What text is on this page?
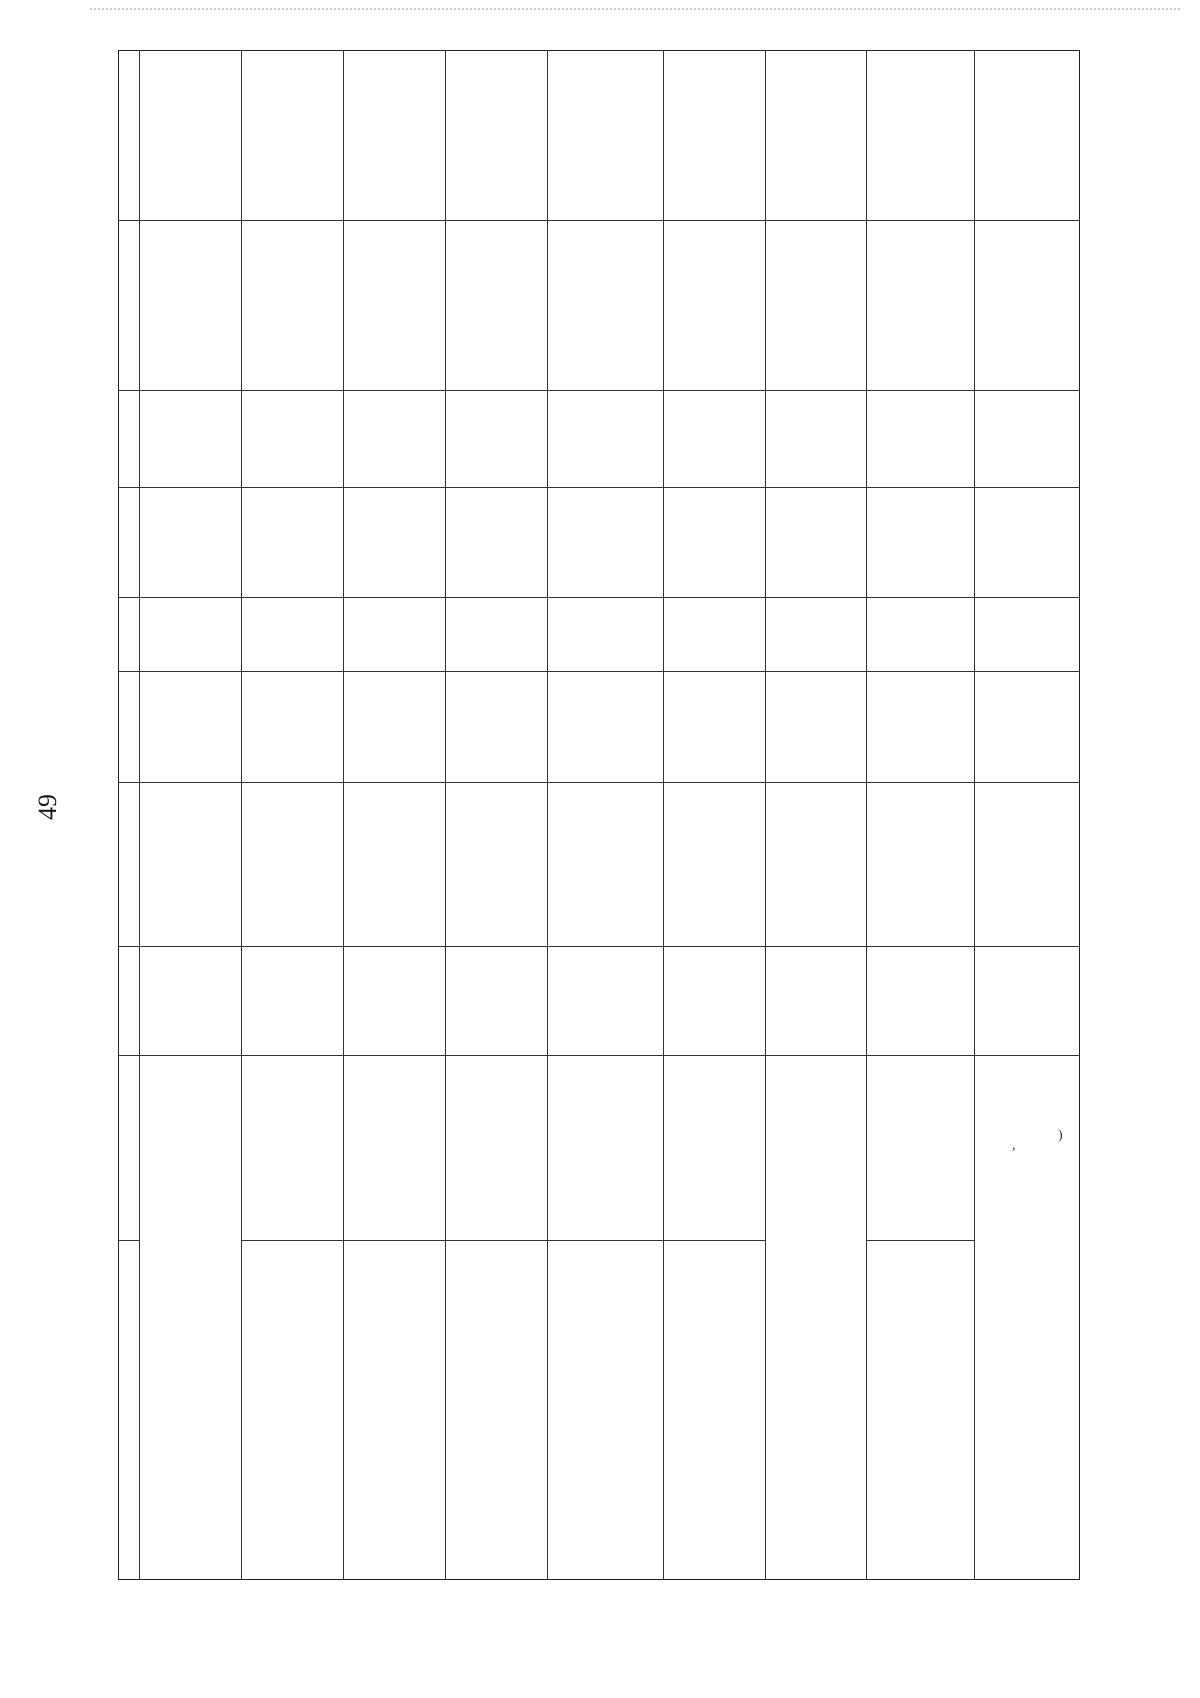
49
,
)
